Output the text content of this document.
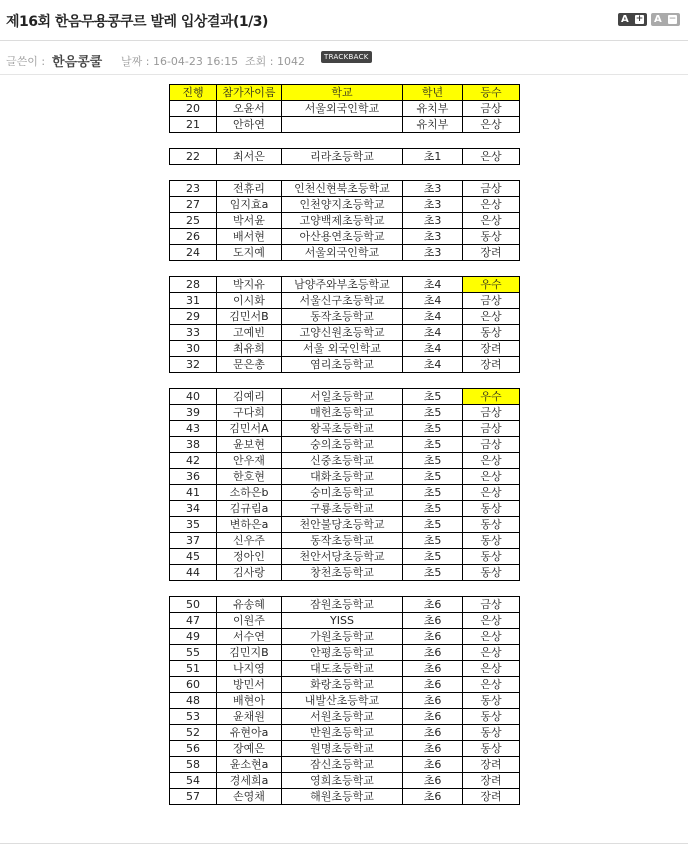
제16회 한음무용콩쿠르 발레 입상결과(1/3)	A + A −
글쓴이 : 한음콩쿨 날짜 : 16-04-23 16:15 조회 : 1042	TRACKBACK
진행	참가자이름	학교	학년	등수
20	오윤서	서울외국인학교	유치부	금상
21	안하연		유치부	은상

22	최서은	리라초등학교	초1	은상

23	전휴리	인천신현북초등학교	초3	금상
27	임지효a	인천양지초등학교	초3	은상
25	박서윤	고양백제초등학교	초3	은상
26	배서현	아산용연초등학교	초3	동상
24	도지예	서울외국인학교	초3	장려

28	박지유	남양주와부초등학교	초4	우수
31	이시화	서울신구초등학교	초4	금상
29	김민서B	동작초등학교	초4	은상
33	고예빈	고양신원초등학교	초4	동상
30	최유희	서울 외국인학교	초4	장려
32	문은총	염리초등학교	초4	장려

40	김예리	서일초등학교	초5	우수
39	구다희	매헌초등학교	초5	금상
43	김민서A	왕곡초등학교	초5	금상
38	윤보현	숭의초등학교	초5	금상
42	안우재	신중초등학교	초5	은상
36	한호현	대화초등학교	초5	은상
41	소하은b	숭미초등학교	초5	은상
34	김규림a	구룡초등학교	초5	동상
35	변하은a	천안불당초등학교	초5	동상
37	신우주	동작초등학교	초5	동상
45	정아인	천안서당초등학교	초5	동상
44	김사랑	창천초등학교	초5	동상

50	유송혜	잠원초등학교	초6	금상
47	이원주	YISS	초6	은상
49	서수연	가원초등학교	초6	은상
55	김민지B	안평초등학교	초6	은상
51	나지영	대도초등학교	초6	은상
60	방민서	화랑초등학교	초6	은상
48	배현아	내발산초등학교	초6	동상
53	윤채원	서원초등학교	초6	동상
52	유현아a	반원초등학교	초6	동상
56	장예은	원명초등학교	초6	동상
58	윤소현a	잠신초등학교	초6	장려
54	경세희a	영희초등학교	초6	장려
57	손영채	해원초등학교	초6	장려
